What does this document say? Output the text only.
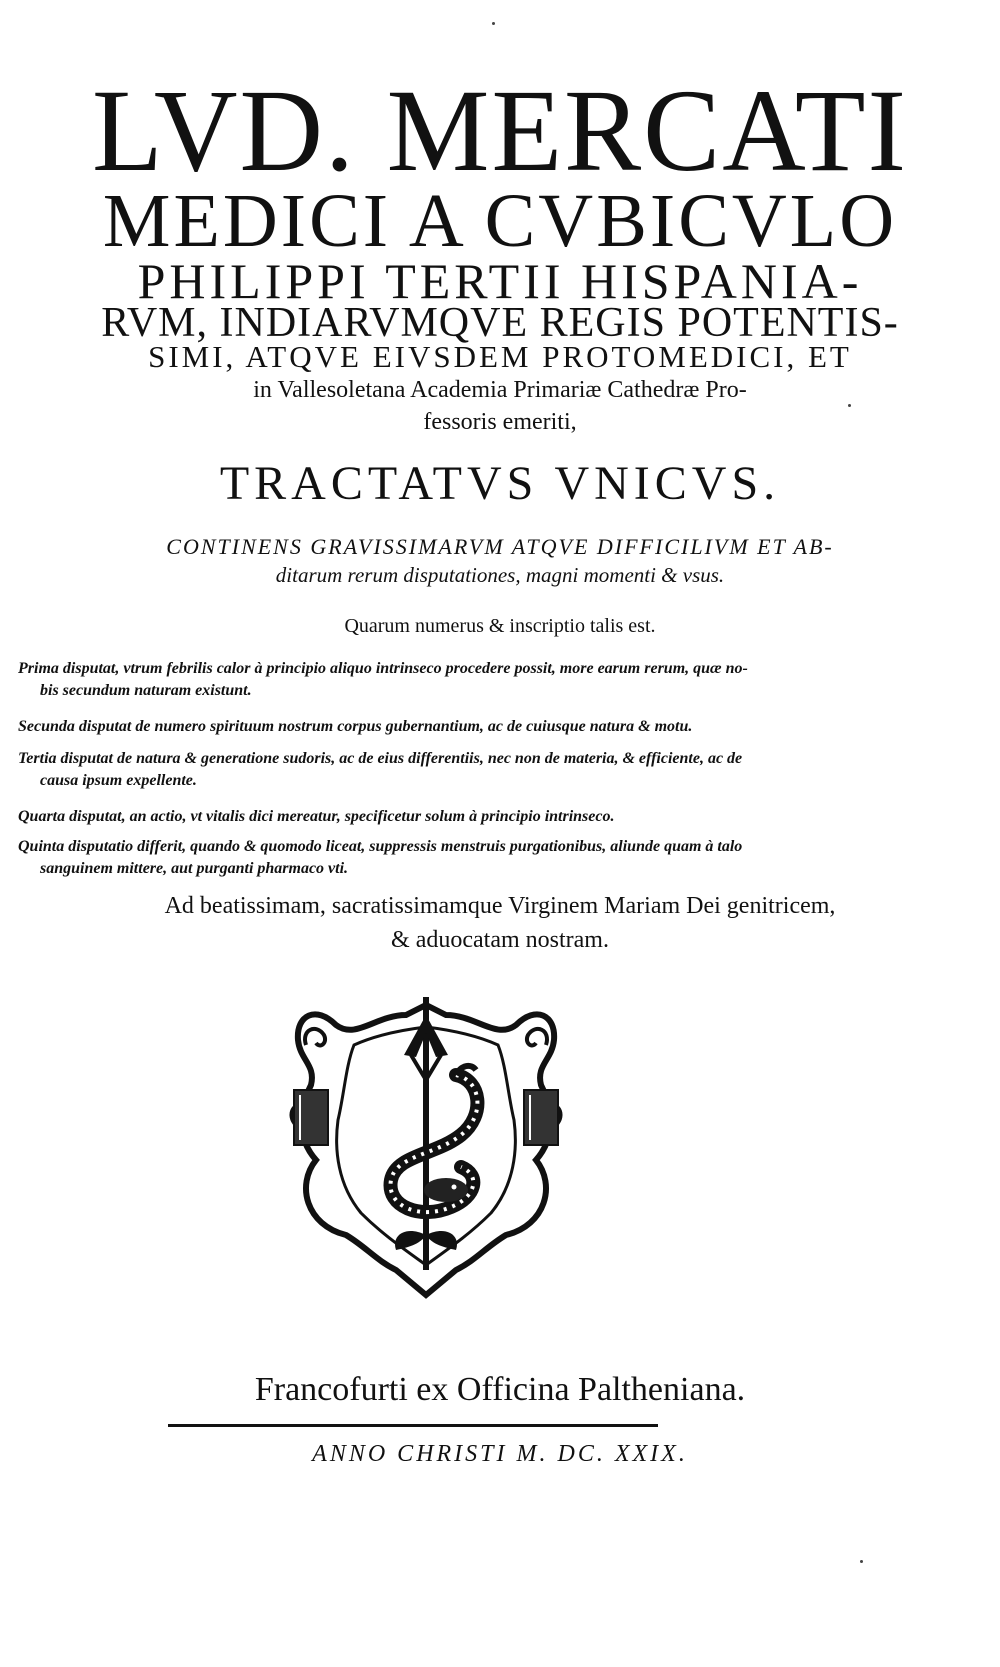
LVD. MERCATI
MEDICI A CVBICVLO
PHILIPPI TERTII HISPANIA-
RVM, INDIARVMQVE REGIS POTENTIS-
SIMI, ATQVE EIVSDEM PROTOMEDICI, ET
in Vallesoletana Academia Primariæ Cathedræ Pro-
fessoris emeriti,
TRACTATVS VNICVS.
CONTINENS GRAVISSIMARVM ATQVE DIFFICILIVM ET AB-
ditarum rerum disputationes, magni momenti & vsus.
Quarum numerus & inscriptio talis est.
Prima disputat, vtrum febrilis calor à principio aliquo intrinseco procedere possit, more earum rerum, quæ no-
bis secundum naturam existunt.
Secunda disputat de numero spirituum nostrum corpus gubernantium, ac de cuiusque natura & motu.
Tertia disputat de natura & generatione sudoris, ac de eius differentiis, nec non de materia, & efficiente, ac de
causa ipsum expellente.
Quarta disputat, an actio, vt vitalis dici mereatur, specificetur solum à principio intrinseco.
Quinta disputatio differit, quando & quomodo liceat, suppressis menstruis purgationibus, aliunde quam à talo
sanguinem mittere, aut purganti pharmaco vti.
Ad beatissimam, sacratissimamque Virginem Mariam Dei genitricem,
& aduocatam nostram.
Francofurti ex Officina Paltheniana.
ANNO CHRISTI M. DC. XXIX.
